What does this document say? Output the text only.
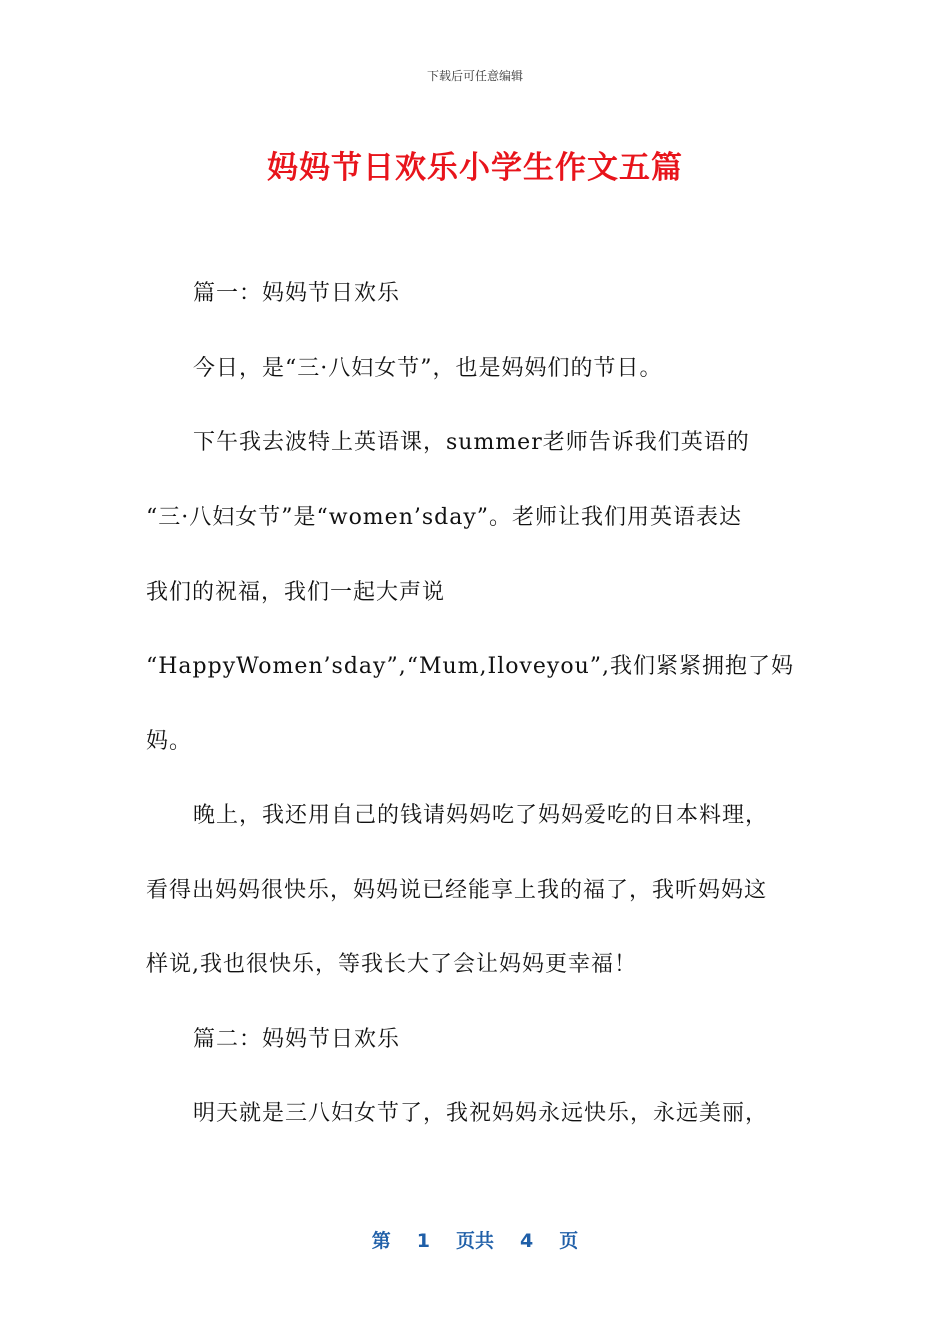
下载后可任意编辑
妈妈节日欢乐小学生作文五篇
篇一：妈妈节日欢乐
今日，是“三·八妇女节”，也是妈妈们的节日。
下午我去波特上英语课，summer老师告诉我们英语的
“三·八妇女节”是“women’sday”。老师让我们用英语表达
我们的祝福，我们一起大声说
“HappyWomen’sday”,“Mum,Iloveyou”,我们紧紧拥抱了妈
妈。
晚上，我还用自己的钱请妈妈吃了妈妈爱吃的日本料理，
看得出妈妈很快乐，妈妈说已经能享上我的福了，我听妈妈这
样说,我也很快乐，等我长大了会让妈妈更幸福！
篇二：妈妈节日欢乐
明天就是三八妇女节了，我祝妈妈永远快乐，永远美丽，
第 1 页共 4 页
